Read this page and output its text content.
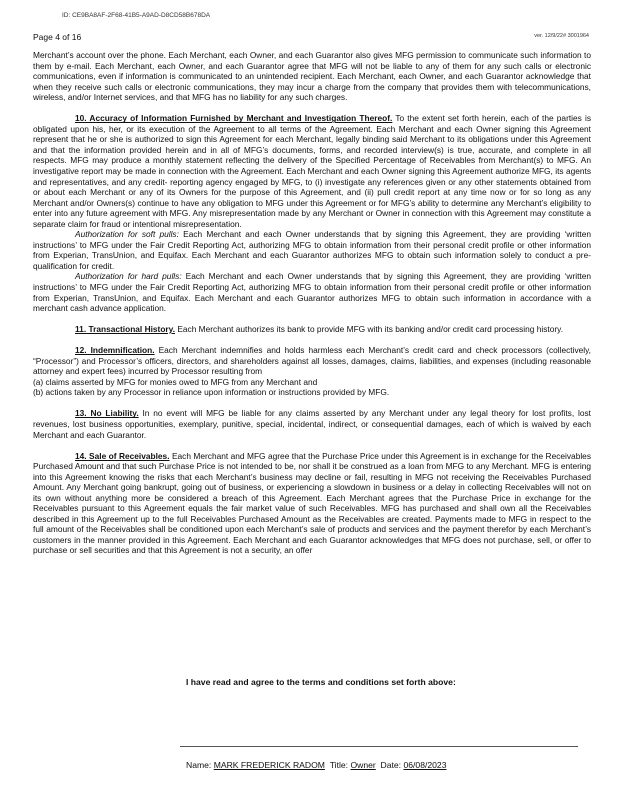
ID: CE9BA8AF-2F68-41B5-A9AD-D8CD58B678DA
Page 4 of 16	ver. 12/9/22# 3001964

Merchant’s account over the phone. Each Merchant, each Owner, and each Guarantor also gives MFG permission to communicate such information to them by e-mail. Each Merchant, each Owner, and each Guarantor agree that MFG will not be liable to any of them for any such calls or electronic communications, even if information is communicated to an unintended recipient. Each Merchant, each Owner, and each Guarantor acknowledge that when they receive such calls or electronic communications, they may incur a charge from the company that provides them with telecommunications, wireless, and/or Internet services, and that MFG has no liability for any such charges.

10. Accuracy of Information Furnished by Merchant and Investigation Thereof. To the extent set forth herein, each of the parties is obligated upon his, her, or its execution of the Agreement to all terms of the Agreement. Each Merchant and each Owner signing this Agreement represent that he or she is authorized to sign this Agreement for each Merchant, legally binding said Merchant to its obligations under this Agreement and that the information provided herein and in all of MFG’s documents, forms, and recorded interview(s) is true, accurate, and complete in all respects. MFG may produce a monthly statement reflecting the delivery of the Specified Percentage of Receivables from Merchant(s) to MFG. An investigative report may be made in connection with the Agreement. Each Merchant and each Owner signing this Agreement authorize MFG, its agents and representatives, and any credit- reporting agency engaged by MFG, to (i) investigate any references given or any other statements obtained from or about each Merchant or any of its Owners for the purpose of this Agreement, and (ii) pull credit report at any time now or for so long as any Merchant and/or Owners(s) continue to have any obligation to MFG under this Agreement or for MFG’s ability to determine any Merchant’s eligibility to enter into any future agreement with MFG. Any misrepresentation made by any Merchant or Owner in connection with this Agreement may constitute a separate claim for fraud or intentional misrepresentation.

Authorization for soft pulls: Each Merchant and each Owner understands that by signing this Agreement, they are providing ‘written instructions’ to MFG under the Fair Credit Reporting Act, authorizing MFG to obtain information from their personal credit profile or other information from Experian, TransUnion, and Equifax. Each Merchant and each Guarantor authorizes MFG to obtain such information solely to conduct a pre-qualification for credit.

Authorization for hard pulls: Each Merchant and each Owner understands that by signing this Agreement, they are providing ‘written instructions’ to MFG under the Fair Credit Reporting Act, authorizing MFG to obtain information from their personal credit profile or other information from Experian, TransUnion, and Equifax. Each Merchant and each Guarantor authorizes MFG to obtain such information in accordance with a merchant cash advance application.

11. Transactional History. Each Merchant authorizes its bank to provide MFG with its banking and/or credit card processing history.

12. Indemnification. Each Merchant indemnifies and holds harmless each Merchant’s credit card and check processors (collectively, “Processor”) and Processor’s officers, directors, and shareholders against all losses, damages, claims, liabilities, and expenses (including reasonable attorney and expert fees) incurred by Processor resulting from

(a) claims asserted by MFG for monies owed to MFG from any Merchant and

(b) actions taken by any Processor in reliance upon information or instructions provided by MFG.

13. No Liability. In no event will MFG be liable for any claims asserted by any Merchant under any legal theory for lost profits, lost revenues, lost business opportunities, exemplary, punitive, special, incidental, indirect, or consequential damages, each of which is waived by each Merchant and each Guarantor.

14. Sale of Receivables. Each Merchant and MFG agree that the Purchase Price under this Agreement is in exchange for the Receivables Purchased Amount and that such Purchase Price is not intended to be, nor shall it be construed as a loan from MFG to any Merchant. MFG is entering into this Agreement knowing the risks that each Merchant’s business may decline or fail, resulting in MFG not receiving the Receivables Purchased Amount. Any Merchant going bankrupt, going out of business, or experiencing a slowdown in business or a delay in collecting Receivables will not on its own without anything more be considered a breach of this Agreement. Each Merchant agrees that the Purchase Price in exchange for the Receivables pursuant to this Agreement equals the fair market value of such Receivables. MFG has purchased and shall own all the Receivables described in this Agreement up to the full Receivables Purchased Amount as the Receivables are created. Payments made to MFG in respect to the full amount of the Receivables shall be conditioned upon each Merchant’s sale of products and services and the payment therefor by each Merchant’s customers in the manner provided in this Agreement. Each Merchant and each Guarantor acknowledges that MFG does not purchase, sell, or offer to purchase or sell securities and that this Agreement is not a security, an offer

I have read and agree to the terms and conditions set forth above:
Name: MARK FREDERICK RADOM Title: Owner Date: 06/08/2023
